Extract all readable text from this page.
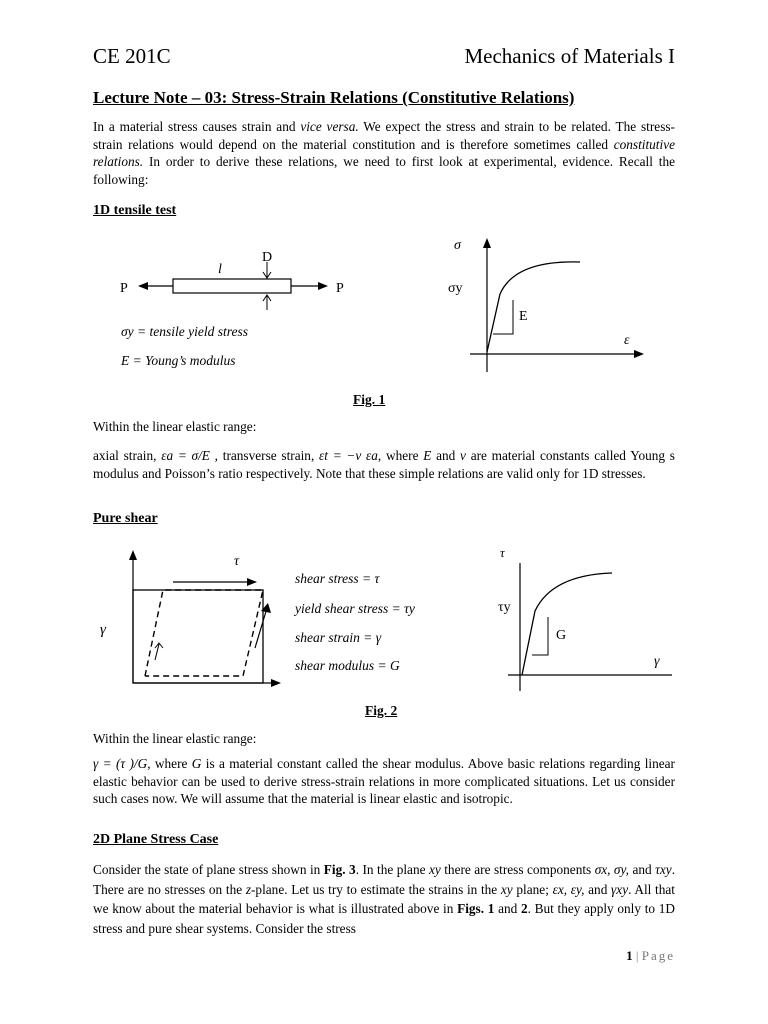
CE 201C	Mechanics of Materials I
Lecture Note – 03: Stress-Strain Relations (Constitutive Relations)
In a material stress causes strain and vice versa. We expect the stress and strain to be related. The stress-strain relations would depend on the material constitution and is therefore sometimes called constitutive relations. In order to derive these relations, we need to first look at experimental, evidence. Recall the following:
1D tensile test
D
l
P	P
σy = tensile yield stress
E = Young’s modulus
σ
σy
E
ε
Fig. 1
Within the linear elastic range:
axial strain, εa = σ/E , transverse strain, εt = −ν εa, where E and ν are material constants called Young s modulus and Poisson’s ratio respectively. Note that these simple relations are valid only for 1D stresses.
Pure shear
τ
γ
shear stress = τ
yield shear stress = τy
shear strain = γ
shear modulus = G
τ
τy
G
γ
Fig. 2
Within the linear elastic range:
γ = (τ )/G, where G is a material constant called the shear modulus. Above basic relations regarding linear elastic behavior can be used to derive stress-strain relations in more complicated situations. Let us consider such cases now. We will assume that the material is linear elastic and isotropic.
2D Plane Stress Case
Consider the state of plane stress shown in Fig. 3. In the plane xy there are stress components σx, σy, and τxy. There are no stresses on the z-plane. Let us try to estimate the strains in the xy plane; εx, εy, and γxy. All that we know about the material behavior is what is illustrated above in Figs. 1 and 2. But they apply only to 1D stress and pure shear systems. Consider the stress
1 | Page
